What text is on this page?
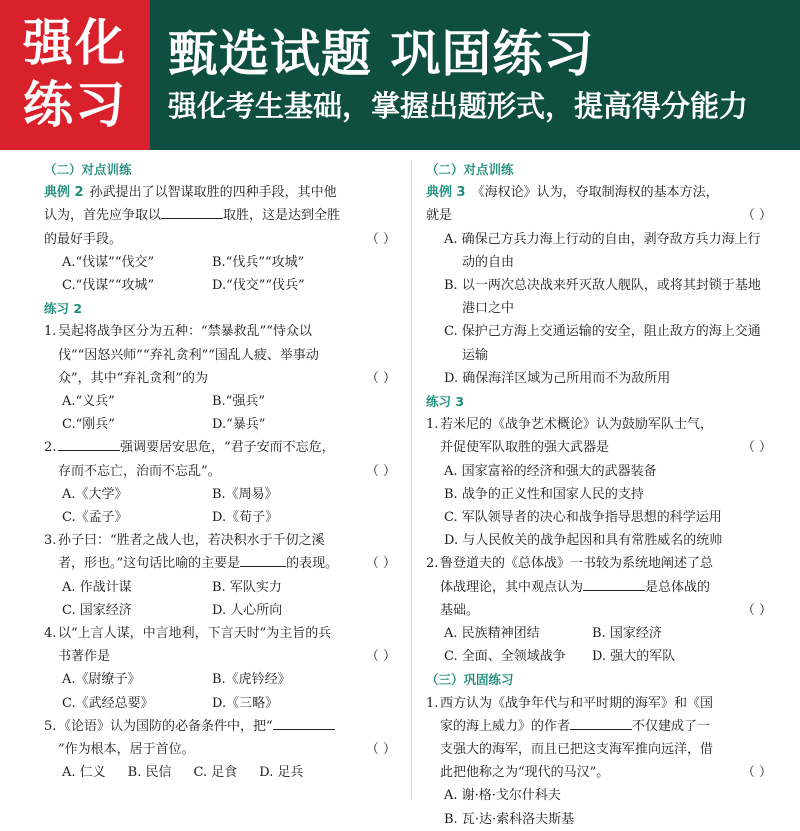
强化
练习
甄选试题 巩固练习
强化考生基础，掌握出题形式，提高得分能力
（二）对点训练
典例 2 孙武提出了以智谋取胜的四种手段，其中他认为，首先应争取以	取胜，这是达到全胜的最好手段。	（ ）
A.“伐谋”“伐交”	B.“伐兵”“攻城”
C.“伐谋”“攻城”	D.“伐交”“伐兵”
练习 2
1. 吴起将战争区分为五种：“禁暴救乱”“恃众以伐”“因怒兴师”“弃礼贪利”“国乱人疲、举事动众”，其中“弃礼贪利”的为	（ ）
A.“义兵”	B.“强兵”
C.“刚兵”	D.“暴兵”
2.	强调要居安思危，“君子安而不忘危，存而不忘亡，治而不忘乱”。	（ ）
A.《大学》	B.《周易》
C.《孟子》	D.《荀子》
3. 孙子曰：“胜者之战人也，若决积水于千仞之溪者，形也。”这句话比喻的主要是	的表现。 （ ）
A. 作战计谋	B. 军队实力
C. 国家经济	D. 人心所向
4. 以“上言人谋，中言地利，下言天时”为主旨的兵书著作是	（ ）
A.《尉缭子》	B.《虎钤经》
C.《武经总要》	D.《三略》
5. 《论语》认为国防的必备条件中，把“”作为根本，居于首位。	（ ）
A. 仁义 B. 民信 C. 足食 D. 足兵
（二）对点训练
典例 3 《海权论》认为，夺取制海权的基本方法，就是	（ ）
A. 确保己方兵力海上行动的自由，剥夺敌方兵力海上行动的自由
B. 以一两次总决战来歼灭敌人舰队，或将其封锁于基地港口之中
C. 保护己方海上交通运输的安全，阻止敌方的海上交通运输
D. 确保海洋区域为己所用而不为敌所用
练习 3
1. 若米尼的《战争艺术概论》认为鼓励军队士气，并促使军队取胜的强大武器是	（ ）
A. 国家富裕的经济和强大的武器装备
B. 战争的正义性和国家人民的支持
C. 军队领导者的决心和战争指导思想的科学运用
D. 与人民攸关的战争起因和具有常胜威名的统帅
2. 鲁登道夫的《总体战》一书较为系统地阐述了总体战理论，其中观点认为	是总体战的基础。	（ ）
A. 民族精神团结	B. 国家经济
C. 全面、全领域战争	D. 强大的军队
（三）巩固练习
1. 西方认为《战争年代与和平时期的海军》和《国家的海上威力》的作者	不仅建成了一支强大的海军，而且已把这支海军推向远洋，借此把他称之为“现代的马汉”。	（ ）
A. 谢·格·戈尔什科夫
B. 瓦·达·索科洛夫斯基
